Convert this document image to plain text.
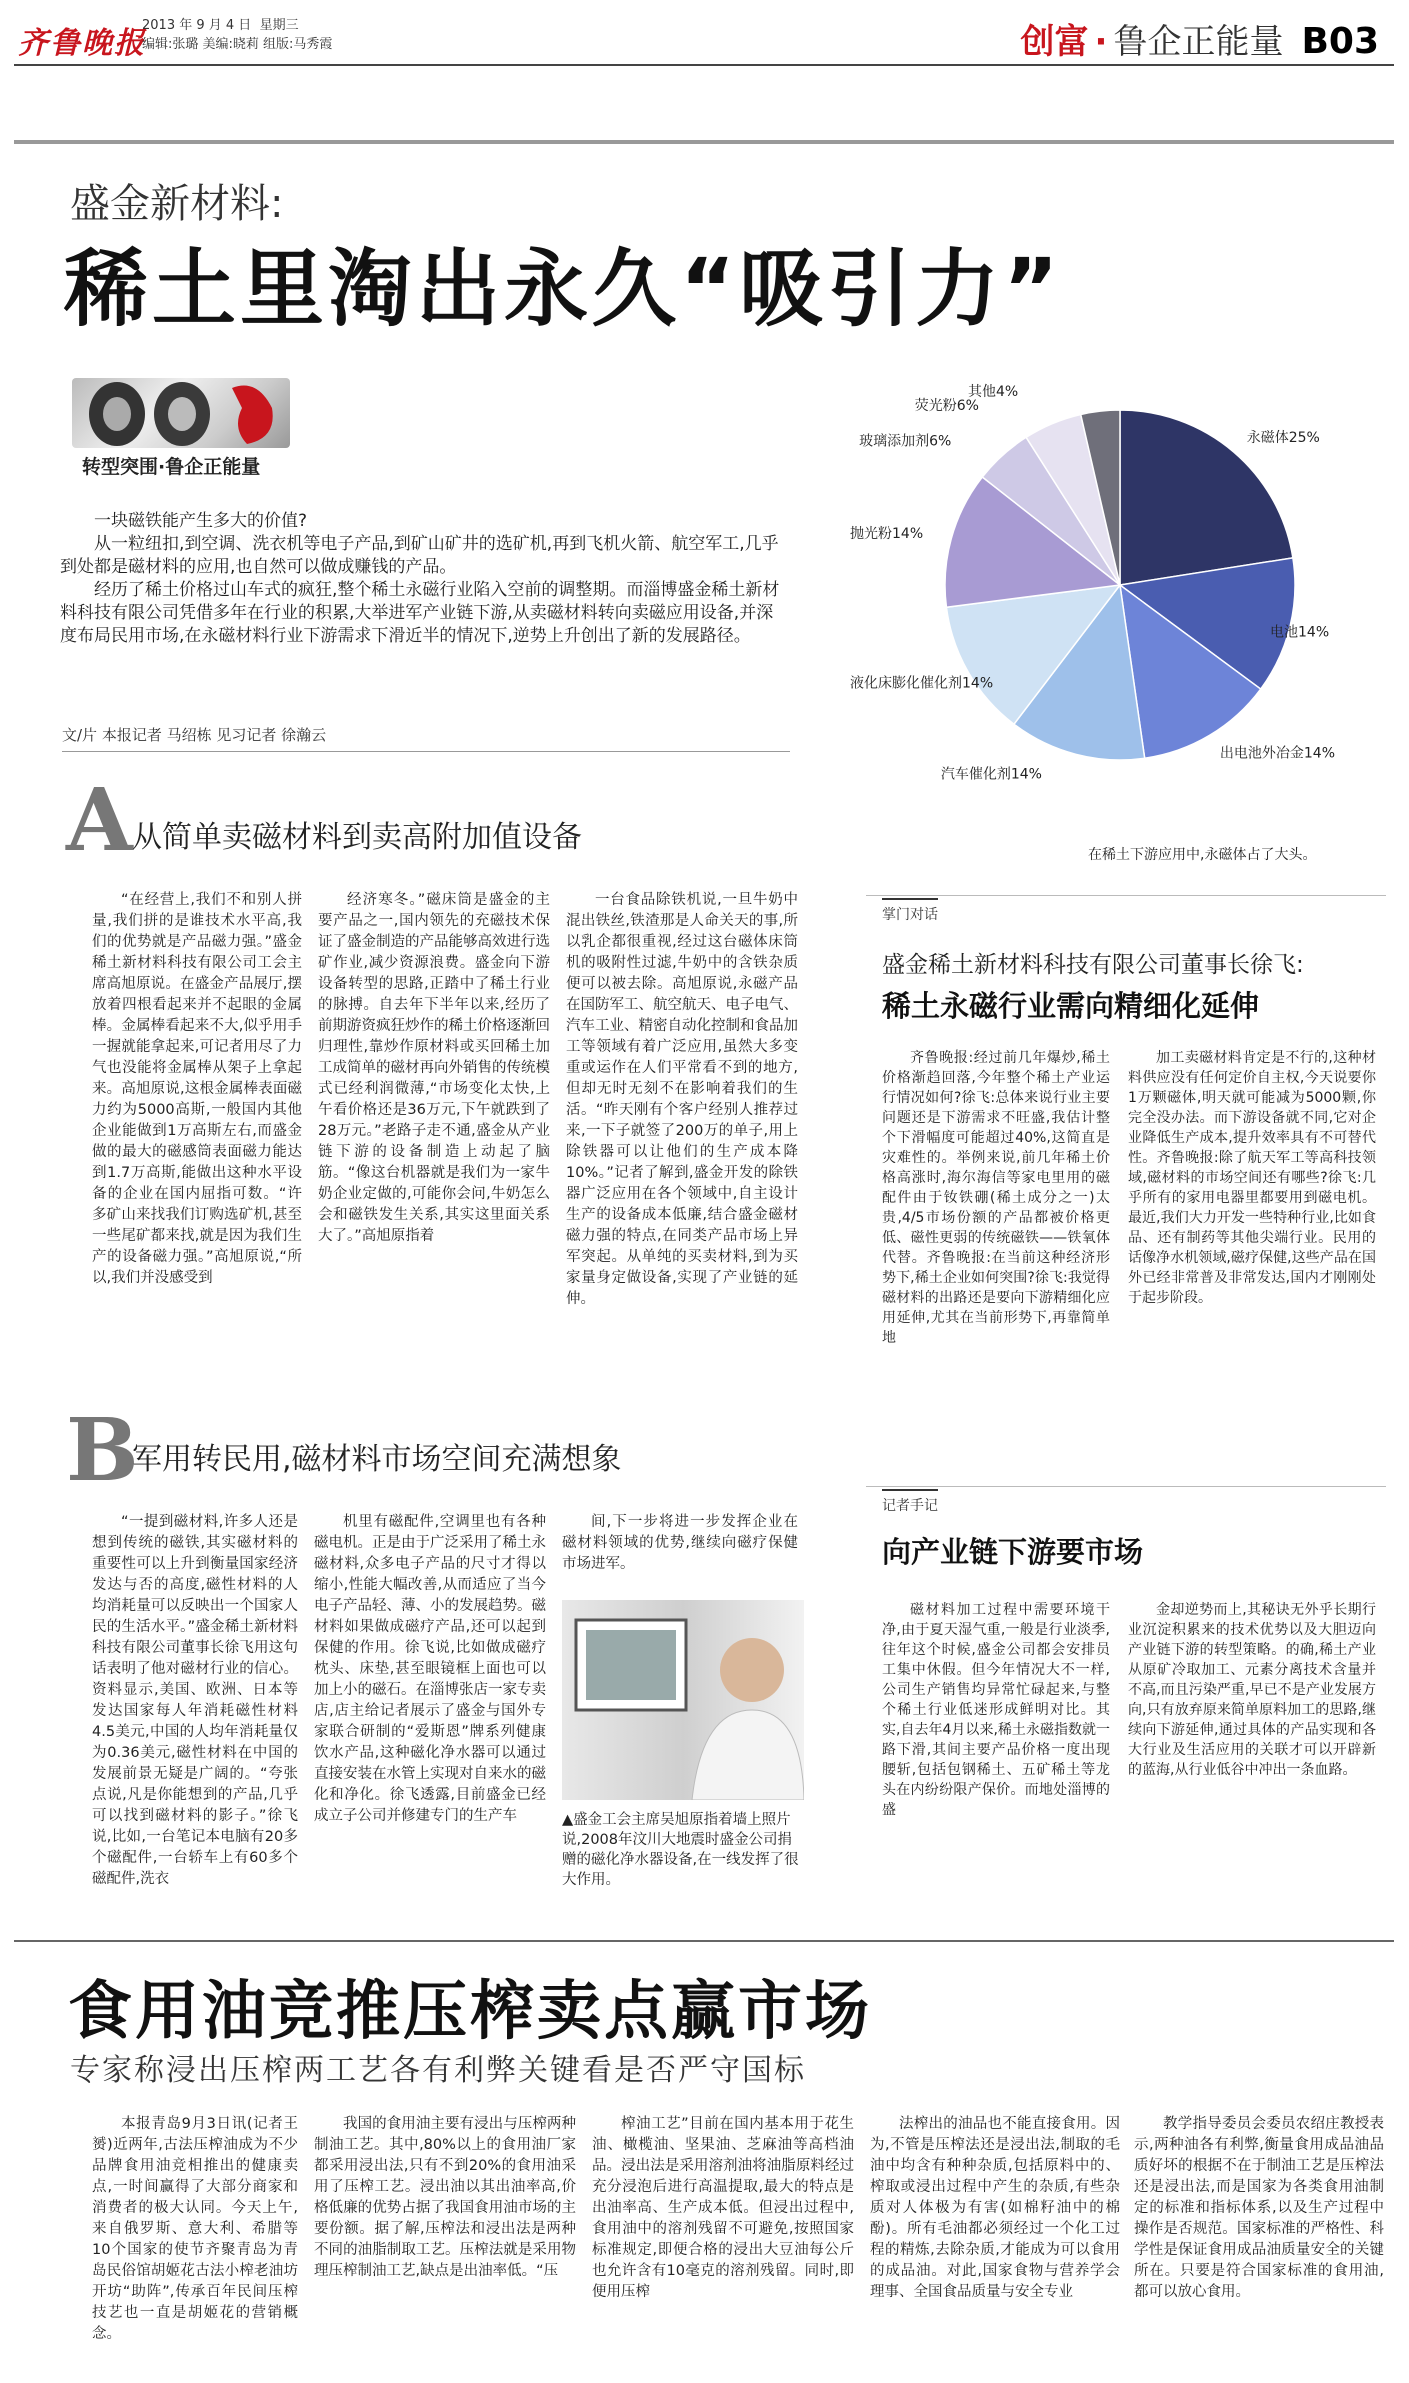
齐鲁晚报
2013 年 9 月 4 日 星期三
编辑:张璐 美编:晓莉 组版:马秀霞	创富 · 鲁企正能量 B03
盛金新材料:
稀土里淘出永久“吸引力”
转型突围·鲁企正能量

一块磁铁能产生多大的价值?

从一粒纽扣,到空调、洗衣机等电子产品,到矿山矿井的选矿机,再到飞机火箭、航空军工,几乎到处都是磁材料的应用,也自然可以做成赚钱的产品。

经历了稀土价格过山车式的疯狂,整个稀土永磁行业陷入空前的调整期。而淄博盛金稀土新材料科技有限公司凭借多年在行业的积累,大举进军产业链下游,从卖磁材料转向卖磁应用设备,并深度布局民用市场,在永磁材料行业下游需求下滑近半的情况下,逆势上升创出了新的发展路径。

文/片 本报记者 马绍栋 见习记者 徐瀚云
永磁体25%
电池14%
出电池外冶金14%
汽车催化剂14%
液化床膨化催化剂14%
抛光粉14%
玻璃添加剂6%
荧光粉6%
其他4%
在稀土下游应用中,永磁体占了大头。
A 从简单卖磁材料到卖高附加值设备

“在经营上,我们不和别人拼量,我们拼的是谁技术水平高,我们的优势就是产品磁力强。”盛金稀土新材料科技有限公司工会主席高旭原说。在盛金产品展厅,摆放着四根看起来并不起眼的金属棒。金属棒看起来不大,似乎用手一握就能拿起来,可记者用尽了力气也没能将金属棒从架子上拿起来。高旭原说,这根金属棒表面磁力约为5000高斯,一般国内其他企业能做到1万高斯左右,而盛金做的最大的磁感筒表面磁力能达到1.7万高斯,能做出这种水平设备的企业在国内屈指可数。“许多矿山来找我们订购选矿机,甚至一些尾矿都来找,就是因为我们生产的设备磁力强。”高旭原说,“所以,我们并没感受到

经济寒冬。”磁床筒是盛金的主要产品之一,国内领先的充磁技术保证了盛金制造的产品能够高效进行选矿作业,减少资源浪费。盛金向下游设备转型的思路,正踏中了稀土行业的脉搏。自去年下半年以来,经历了前期游资疯狂炒作的稀土价格逐渐回归理性,靠炒作原材料或买回稀土加工成简单的磁材再向外销售的传统模式已经利润微薄,“市场变化太快,上午看价格还是36万元,下午就跌到了28万元。”老路子走不通,盛金从产业链下游的设备制造上动起了脑筋。“像这台机器就是我们为一家牛奶企业定做的,可能你会问,牛奶怎么会和磁铁发生关系,其实这里面关系大了。”高旭原指着

一台食品除铁机说,一旦牛奶中混出铁丝,铁渣那是人命关天的事,所以乳企都很重视,经过这台磁体床筒机的吸附性过滤,牛奶中的含铁杂质便可以被去除。高旭原说,永磁产品在国防军工、航空航天、电子电气、汽车工业、精密自动化控制和食品加工等领域有着广泛应用,虽然大多变重或运作在人们平常看不到的地方,但却无时无刻不在影响着我们的生活。“昨天刚有个客户经别人推荐过来,一下子就签了200万的单子,用上除铁器可以让他们的生产成本降10%。”记者了解到,盛金开发的除铁器广泛应用在各个领域中,自主设计生产的设备成本低廉,结合盛金磁材磁力强的特点,在同类产品市场上异军突起。从单纯的买卖材料,到为买家量身定做设备,实现了产业链的延伸。

掌门对话
盛金稀土新材料科技有限公司董事长徐飞:
稀土永磁行业需向精细化延伸

齐鲁晚报:经过前几年爆炒,稀土价格渐趋回落,今年整个稀土产业运行情况如何?徐飞:总体来说行业主要问题还是下游需求不旺盛,我估计整个下滑幅度可能超过40%,这简直是灾难性的。举例来说,前几年稀土价格高涨时,海尔海信等家电里用的磁配件由于钕铁硼(稀土成分之一)太贵,4/5市场份额的产品都被价格更低、磁性更弱的传统磁铁——铁氧体代替。齐鲁晚报:在当前这种经济形势下,稀土企业如何突围?徐飞:我觉得磁材料的出路还是要向下游精细化应用延伸,尤其在当前形势下,再靠简单地

加工卖磁材料肯定是不行的,这种材料供应没有任何定价自主权,今天说要你1万颗磁体,明天就可能减为5000颗,你完全没办法。而下游设备就不同,它对企业降低生产成本,提升效率具有不可替代性。齐鲁晚报:除了航天军工等高科技领域,磁材料的市场空间还有哪些?徐飞:几乎所有的家用电器里都要用到磁电机。最近,我们大力开发一些特种行业,比如食品、还有制药等其他尖端行业。民用的话像净水机领域,磁疗保健,这些产品在国外已经非常普及非常发达,国内才刚刚处于起步阶段。

B
军用转民用,磁材料市场空间充满想象

“一提到磁材料,许多人还是想到传统的磁铁,其实磁材料的重要性可以上升到衡量国家经济发达与否的高度,磁性材料的人均消耗量可以反映出一个国家人民的生活水平。”盛金稀土新材料科技有限公司董事长徐飞用这句话表明了他对磁材行业的信心。资料显示,美国、欧洲、日本等发达国家每人年消耗磁性材料4.5美元,中国的人均年消耗量仅为0.36美元,磁性材料在中国的发展前景无疑是广阔的。“夸张点说,凡是你能想到的产品,几乎可以找到磁材料的影子。”徐飞说,比如,一台笔记本电脑有20多个磁配件,一台轿车上有60多个磁配件,洗衣

机里有磁配件,空调里也有各种磁电机。正是由于广泛采用了稀土永磁材料,众多电子产品的尺寸才得以缩小,性能大幅改善,从而适应了当今电子产品轻、薄、小的发展趋势。磁材料如果做成磁疗产品,还可以起到保健的作用。徐飞说,比如做成磁疗枕头、床垫,甚至眼镜框上面也可以加上小的磁石。在淄博张店一家专卖店,店主给记者展示了盛金与国外专家联合研制的“爱斯恩”牌系列健康饮水产品,这种磁化净水器可以通过直接安装在水管上实现对自来水的磁化和净化。徐飞透露,目前盛金已经成立子公司并修建专门的生产车

间,下一步将进一步发挥企业在磁材料领域的优势,继续向磁疗保健市场进军。

▲盛金工会主席吴旭原指着墙上照片说,2008年汶川大地震时盛金公司捐赠的磁化净水器设备,在一线发挥了很大作用。
记者手记
向产业链下游要市场

磁材料加工过程中需要环境干净,由于夏天湿气重,一般是行业淡季,往年这个时候,盛金公司都会安排员工集中休假。但今年情况大不一样,公司生产销售均异常忙碌起来,与整个稀土行业低迷形成鲜明对比。其实,自去年4月以来,稀土永磁指数就一路下滑,其间主要产品价格一度出现腰斩,包括包钢稀土、五矿稀土等龙头在内纷纷限产保价。而地处淄博的盛

金却逆势而上,其秘诀无外乎长期行业沉淀积累来的技术优势以及大胆迈向产业链下游的转型策略。的确,稀土产业从原矿冷取加工、元素分离技术含量并不高,而且污染严重,早已不是产业发展方向,只有放弃原来简单原料加工的思路,继续向下游延伸,通过具体的产品实现和各大行业及生活应用的关联才可以开辟新的蓝海,从行业低谷中冲出一条血路。

食用油竞推压榨卖点赢市场
专家称浸出压榨两工艺各有利弊关键看是否严守国标

本报青岛9月3日讯(记者王赟)近两年,古法压榨油成为不少品牌食用油竞相推出的健康卖点,一时间赢得了大部分商家和消费者的极大认同。今天上午,来自俄罗斯、意大利、希腊等10个国家的使节齐聚青岛为青岛民俗馆胡姬花古法小榨老油坊开坊“助阵”,传承百年民间压榨技艺也一直是胡姬花的营销概念。

我国的食用油主要有浸出与压榨两种制油工艺。其中,80%以上的食用油厂家都采用浸出法,只有不到20%的食用油采用了压榨工艺。浸出油以其出油率高,价格低廉的优势占据了我国食用油市场的主要份额。据了解,压榨法和浸出法是两种不同的油脂制取工艺。压榨法就是采用物理压榨制油工艺,缺点是出油率低。“压

榨油工艺”目前在国内基本用于花生油、橄榄油、坚果油、芝麻油等高档油品。浸出法是采用溶剂油将油脂原料经过充分浸泡后进行高温提取,最大的特点是出油率高、生产成本低。但浸出过程中,食用油中的溶剂残留不可避免,按照国家标准规定,即便合格的浸出大豆油每公斤也允许含有10毫克的溶剂残留。同时,即便用压榨

法榨出的油品也不能直接食用。因为,不管是压榨法还是浸出法,制取的毛油中均含有种种杂质,包括原料中的、榨取或浸出过程中产生的杂质,有些杂质对人体极为有害(如棉籽油中的棉酚)。所有毛油都必须经过一个化工过程的精炼,去除杂质,才能成为可以食用的成品油。对此,国家食物与营养学会理事、全国食品质量与安全专业

教学指导委员会委员农绍庄教授表示,两种油各有利弊,衡量食用成品油品质好坏的根据不在于制油工艺是压榨法还是浸出法,而是国家为各类食用油制定的标准和指标体系,以及生产过程中操作是否规范。国家标准的严格性、科学性是保证食用成品油质量安全的关键所在。只要是符合国家标准的食用油,都可以放心食用。
